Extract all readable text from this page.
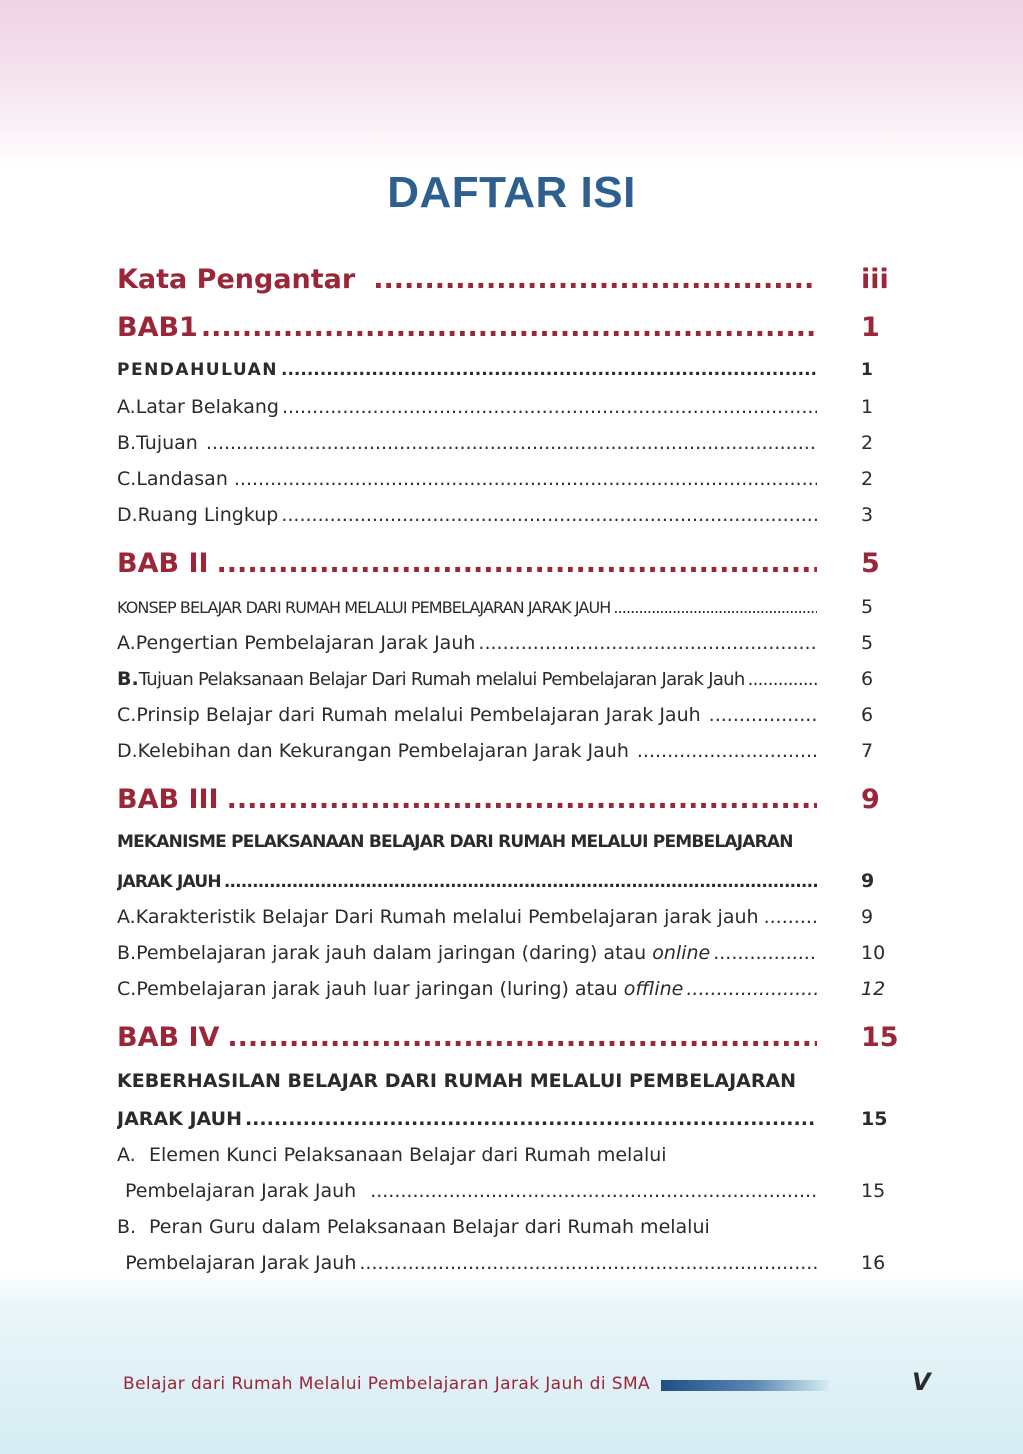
DAFTAR ISI
Kata Pengantar .....	iii
BAB1 .....	1
PENDAHULUAN .....	1
A. Latar Belakang .....	1
B. Tujuan .....	2
C. Landasan .....	2
D. Ruang Lingkup .....	3
BAB II .....	5
KONSEP BELAJAR DARI RUMAH MELALUI PEMBELAJARAN JARAK JAUH .....	5
A. Pengertian Pembelajaran Jarak Jauh .....	5
B. Tujuan Pelaksanaan Belajar Dari Rumah melalui Pembelajaran Jarak Jauh .....	6
C. Prinsip Belajar dari Rumah melalui Pembelajaran Jarak Jauh .....	6
D. Kelebihan dan Kekurangan Pembelajaran Jarak Jauh .....	7
BAB III .....	9
MEKANISME PELAKSANAAN BELAJAR DARI RUMAH MELALUI PEMBELAJARAN
JARAK JAUH .....	9
A. Karakteristik Belajar Dari Rumah melalui Pembelajaran jarak jauh .....	9
B. Pembelajaran jarak jauh dalam jaringan (daring) atau online .....	10
C. Pembelajaran jarak jauh luar jaringan (luring) atau offline .....	12
BAB IV .....	15
KEBERHASILAN BELAJAR DARI RUMAH MELALUI PEMBELAJARAN
JARAK JAUH .....	15
A. Elemen Kunci Pelaksanaan Belajar dari Rumah melalui
Pembelajaran Jarak Jauh .....	15
B. Peran Guru dalam Pelaksanaan Belajar dari Rumah melalui
Pembelajaran Jarak Jauh .....	16
Belajar dari Rumah Melalui Pembelajaran Jarak Jauh di SMA	V
